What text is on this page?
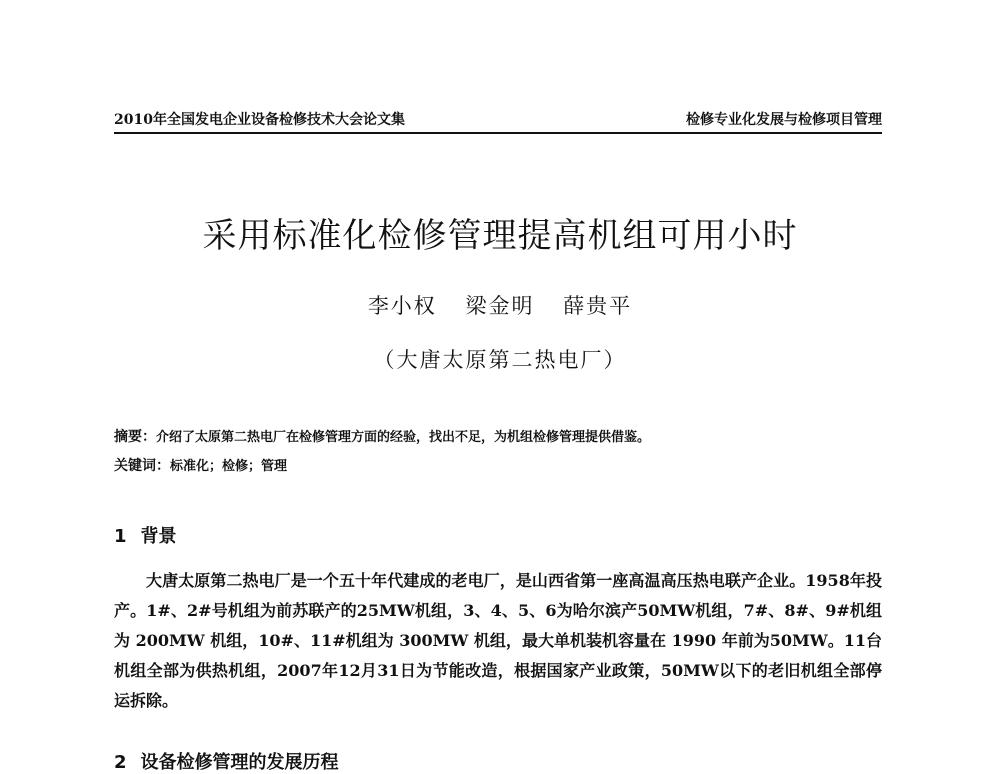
2010年全国发电企业设备检修技术大会论文集	检修专业化发展与检修项目管理
采用标准化检修管理提高机组可用小时
李小权 梁金明 薛贵平
（大唐太原第二热电厂）
摘要：介绍了太原第二热电厂在检修管理方面的经验，找出不足，为机组检修管理提供借鉴。
关键词：标准化；检修；管理
1 背景
大唐太原第二热电厂是一个五十年代建成的老电厂，是山西省第一座高温高压热电联产企业。1958年投产。1#、2#号机组为前苏联产的25MW机组，3、4、5、6为哈尔滨产50MW机组，7#、8#、9#机组为 200MW 机组，10#、11#机组为 300MW 机组，最大单机装机容量在 1990 年前为50MW。11台机组全部为供热机组，2007年12月31日为节能改造，根据国家产业政策，50MW以下的老旧机组全部停运拆除。
2 设备检修管理的发展历程
